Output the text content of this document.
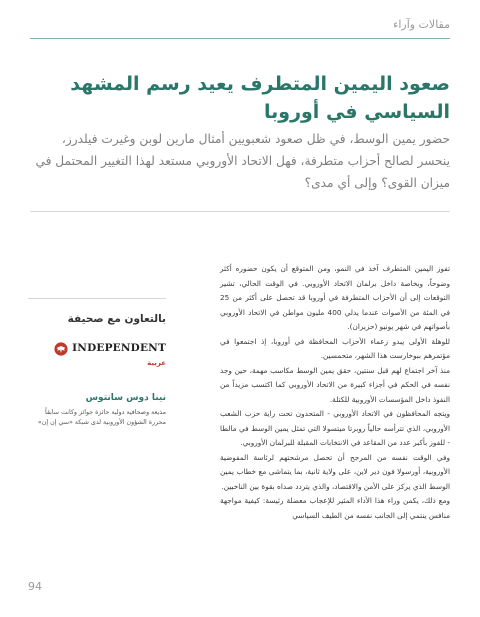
مقالات وآراء
صعود اليمين المتطرف يعيد رسم المشهد السياسي في أوروبا

حضور يمين الوسط، في ظل صعود شعبويين أمثال مارين لوبن وغيرت فيلدرز، ينحسر لصالح أحزاب متطرفة، فهل الاتحاد الأوروبي مستعد لهذا التغيير المحتمل في ميزان القوى؟ وإلى أي مدى؟

تفوز اليمين المتطرف آخذ في النمو، ومن المتوقع أن يكون حضوره أكثر وضوحاً، وبخاصة داخل برلمان الاتحاد الأوروبي. في الوقت الحالي، تشير التوقعات إلى أن الأحزاب المتطرفة في أوروبا قد تحصل على أكثر من 25 في المئة من الأصوات عندما يدلي 400 مليون مواطن في الاتحاد الأوروبي بأصواتهم في شهر يونيو (حزيران).

للوهلة الأولى يبدو زعماء الأحزاب المحافظة في أوروبا، إذ اجتمعوا في مؤتمرهم ببوخارست هذا الشهر، متحمسين.

منذ آخر اجتماع لهم قبل سنتين، حقق يمين الوسط مكاسب مهمة، حين وجد نفسه في الحكم في أجزاء كبيرة من الاتحاد الأوروبي كما اكتسب مزيداً من النفوذ داخل المؤسسات الأوروبية للكتلة.

ويتجه المحافظون في الاتحاد الأوروبي - المتحدون تحت راية حزب الشعب الأوروبي، الذي تترأسه حالياً روبرتا ميتسولا التي تمثل يمين الوسط في مالطا - للفوز بأكبر عدد من المقاعد في الانتخابات المقبلة للبرلمان الأوروبي.

وفي الوقت نفسه من المرجح أن تحصل مرشحتهم لرئاسة المفوضية الأوروبية، أورسولا فون دير لاين، على ولاية ثانية، بما يتماشى مع خطاب يمين الوسط الذي يركز على الأمن والاقتصاد، والذي يتردد صداه بقوة بين الناخبين.

ومع ذلك، يكمن وراء هذا الأداء المثير للإعجاب معضلة رئيسة: كيفية مواجهة منافس ينتمي إلى الجانب نفسه من الطيف السياسي

بالتعاون مع صحيفة
INDEPENDENT
عربية
نينا دوس سانتوس

مذيعة وصحافية دولية حائزة جوائز وكانت سابقاً محررة الشؤون الأوروبية لدى شبكة «سي إن إن»

94
